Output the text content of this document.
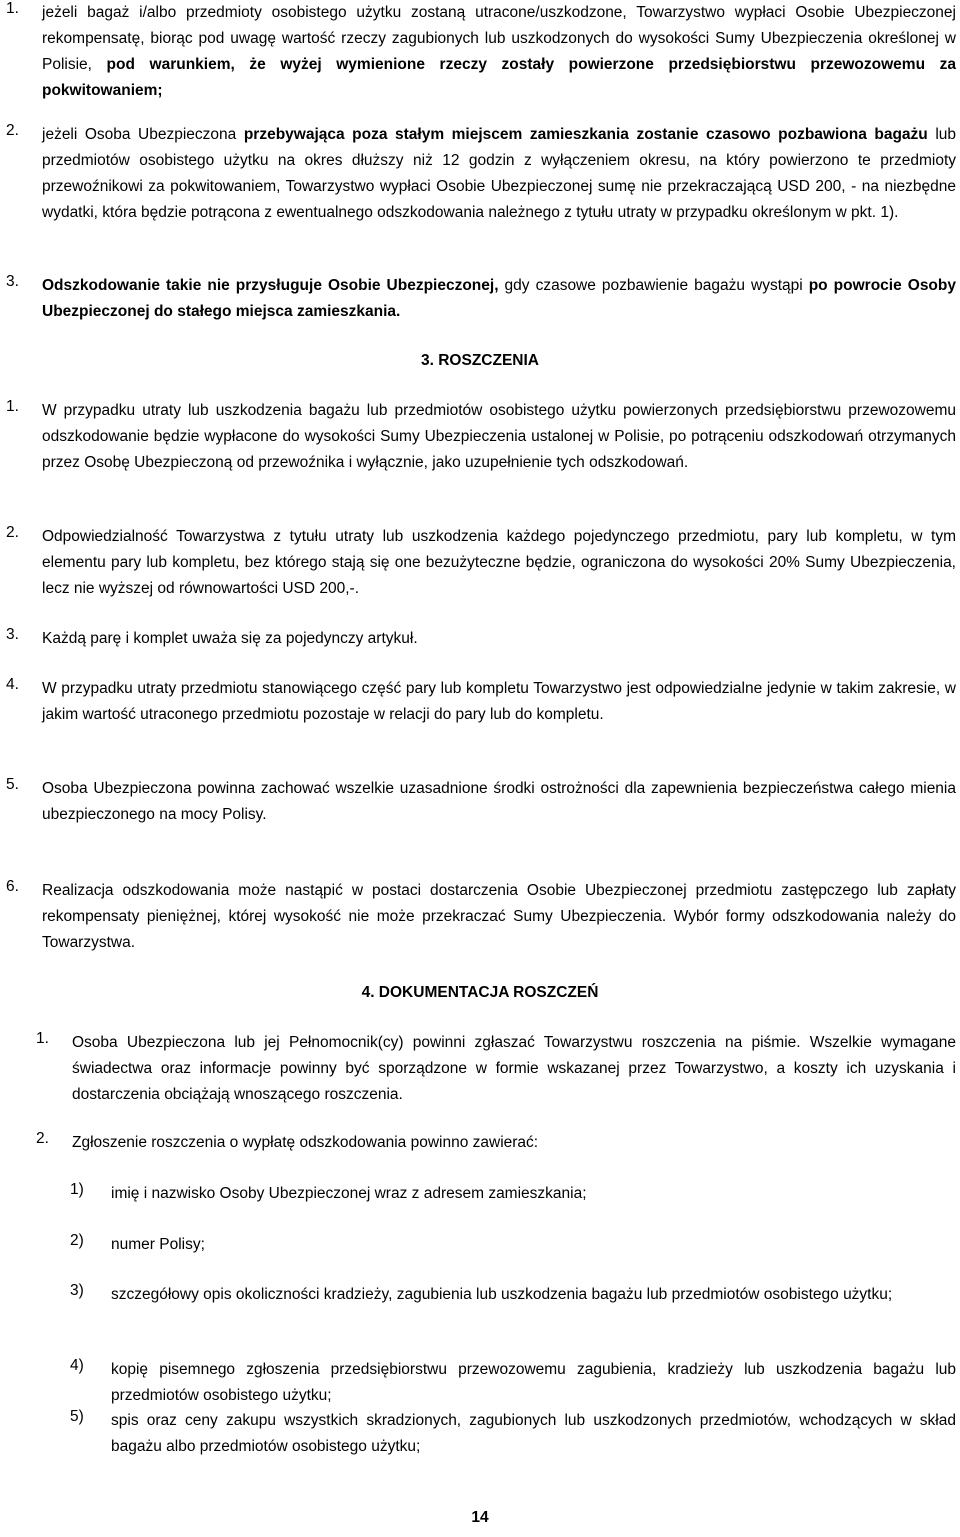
1. jeżeli bagaż i/albo przedmioty osobistego użytku zostaną utracone/uszkodzone, Towarzystwo wypłaci Osobie Ubezpieczonej rekompensatę, biorąc pod uwagę wartość rzeczy zagubionych lub uszkodzonych do wysokości Sumy Ubezpieczenia określonej w Polisie, pod warunkiem, że wyżej wymienione rzeczy zostały powierzone przedsiębiorstwu przewozowemu za pokwitowaniem;

2. jeżeli Osoba Ubezpieczona przebywająca poza stałym miejscem zamieszkania zostanie czasowo pozbawiona bagażu lub przedmiotów osobistego użytku na okres dłuższy niż 12 godzin z wyłączeniem okresu, na który powierzono te przedmioty przewoźnikowi za pokwitowaniem, Towarzystwo wypłaci Osobie Ubezpieczonej sumę nie przekraczającą USD 200, - na niezbędne wydatki, która będzie potrącona z ewentualnego odszkodowania należnego z tytułu utraty w przypadku określonym w pkt. 1).

3. Odszkodowanie takie nie przysługuje Osobie Ubezpieczonej, gdy czasowe pozbawienie bagażu wystąpi po powrocie Osoby Ubezpieczonej do stałego miejsca zamieszkania.

3. ROSZCZENIA
1. W przypadku utraty lub uszkodzenia bagażu lub przedmiotów osobistego użytku powierzonych przedsiębiorstwu przewozowemu odszkodowanie będzie wypłacone do wysokości Sumy Ubezpieczenia ustalonej w Polisie, po potrąceniu odszkodowań otrzymanych przez Osobę Ubezpieczoną od przewoźnika i wyłącznie, jako uzupełnienie tych odszkodowań.

2. Odpowiedzialność Towarzystwa z tytułu utraty lub uszkodzenia każdego pojedynczego przedmiotu, pary lub kompletu, w tym elementu pary lub kompletu, bez którego stają się one bezużyteczne będzie, ograniczona do wysokości 20% Sumy Ubezpieczenia, lecz nie wyższej od równowartości USD 200,-.

3. Każdą parę i komplet uważa się za pojedynczy artykuł.

4. W przypadku utraty przedmiotu stanowiącego część pary lub kompletu Towarzystwo jest odpowiedzialne jedynie w takim zakresie, w jakim wartość utraconego przedmiotu pozostaje w relacji do pary lub do kompletu.

5. Osoba Ubezpieczona powinna zachować wszelkie uzasadnione środki ostrożności dla zapewnienia bezpieczeństwa całego mienia ubezpieczonego na mocy Polisy.

6. Realizacja odszkodowania może nastąpić w postaci dostarczenia Osobie Ubezpieczonej przedmiotu zastępczego lub zapłaty rekompensaty pieniężnej, której wysokość nie może przekraczać Sumy Ubezpieczenia. Wybór formy odszkodowania należy do Towarzystwa.

4. DOKUMENTACJA ROSZCZEŃ
1. Osoba Ubezpieczona lub jej Pełnomocnik(cy) powinni zgłaszać Towarzystwu roszczenia na piśmie. Wszelkie wymagane świadectwa oraz informacje powinny być sporządzone w formie wskazanej przez Towarzystwo, a koszty ich uzyskania i dostarczenia obciążają wnoszącego roszczenia.

2. Zgłoszenie roszczenia o wypłatę odszkodowania powinno zawierać:

1) imię i nazwisko Osoby Ubezpieczonej wraz z adresem zamieszkania;

2) numer Polisy;

3) szczegółowy opis okoliczności kradzieży, zagubienia lub uszkodzenia bagażu lub przedmiotów osobistego użytku;

4) kopię pisemnego zgłoszenia przedsiębiorstwu przewozowemu zagubienia, kradzieży lub uszkodzenia bagażu lub przedmiotów osobistego użytku;

5) spis oraz ceny zakupu wszystkich skradzionych, zagubionych lub uszkodzonych przedmiotów, wchodzących w skład bagażu albo przedmiotów osobistego użytku;

14
